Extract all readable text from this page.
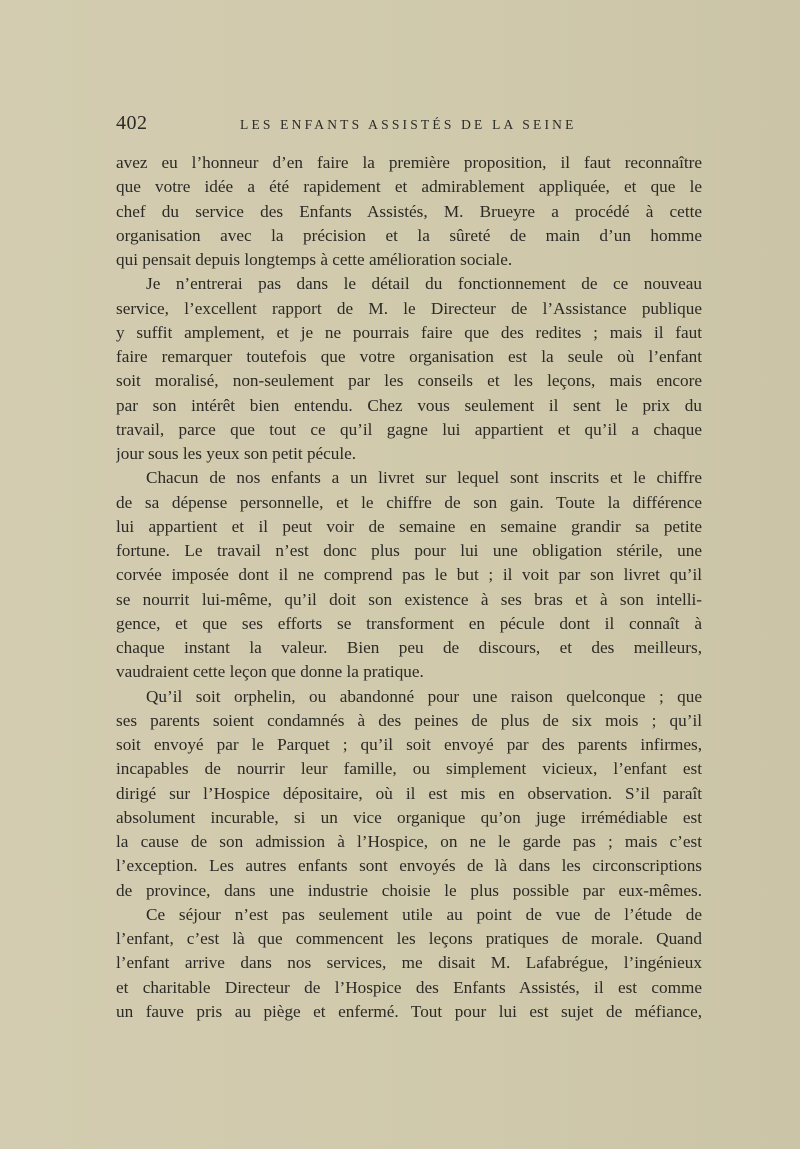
402	LES ENFANTS ASSISTÉS DE LA SEINE
avez eu l’honneur d’en faire la première proposition, il faut reconnaître
que votre idée a été rapidement et admirablement appliquée, et que le
chef du service des Enfants Assistés, M. Brueyre a procédé à cette
organisation avec la précision et la sûreté de main d’un homme
qui pensait depuis longtemps à cette amélioration sociale.
Je n’entrerai pas dans le détail du fonctionnement de ce nouveau
service, l’excellent rapport de M. le Directeur de l’Assistance publique
y suffit amplement, et je ne pourrais faire que des redites ; mais il faut
faire remarquer toutefois que votre organisation est la seule où l’enfant
soit moralisé, non-seulement par les conseils et les leçons, mais encore
par son intérêt bien entendu. Chez vous seulement il sent le prix du
travail, parce que tout ce qu’il gagne lui appartient et qu’il a chaque
jour sous les yeux son petit pécule.
Chacun de nos enfants a un livret sur lequel sont inscrits et le chiffre
de sa dépense personnelle, et le chiffre de son gain. Toute la différence
lui appartient et il peut voir de semaine en semaine grandir sa petite
fortune. Le travail n’est donc plus pour lui une obligation stérile, une
corvée imposée dont il ne comprend pas le but ; il voit par son livret qu’il
se nourrit lui-même, qu’il doit son existence à ses bras et à son intelli-
gence, et que ses efforts se transforment en pécule dont il connaît à
chaque instant la valeur. Bien peu de discours, et des meilleurs,
vaudraient cette leçon que donne la pratique.
Qu’il soit orphelin, ou abandonné pour une raison quelconque ; que
ses parents soient condamnés à des peines de plus de six mois ; qu’il
soit envoyé par le Parquet ; qu’il soit envoyé par des parents infirmes,
incapables de nourrir leur famille, ou simplement vicieux, l’enfant est
dirigé sur l’Hospice dépositaire, où il est mis en observation. S’il paraît
absolument incurable, si un vice organique qu’on juge irrémédiable est
la cause de son admission à l’Hospice, on ne le garde pas ; mais c’est
l’exception. Les autres enfants sont envoyés de là dans les circonscriptions
de province, dans une industrie choisie le plus possible par eux-mêmes.
Ce séjour n’est pas seulement utile au point de vue de l’étude de
l’enfant, c’est là que commencent les leçons pratiques de morale. Quand
l’enfant arrive dans nos services, me disait M. Lafabrégue, l’ingénieux
et charitable Directeur de l’Hospice des Enfants Assistés, il est comme
un fauve pris au piège et enfermé. Tout pour lui est sujet de méfiance,
